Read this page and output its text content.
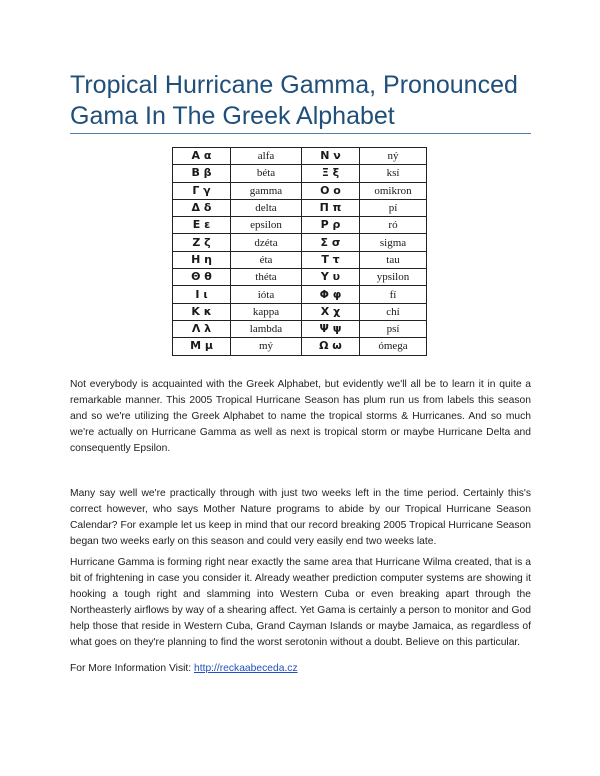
Tropical Hurricane Gamma, Pronounced Gama In The Greek Alphabet
Α α	alfa	Ν ν	ný
Β β	béta	Ξ ξ	ksí
Γ γ	gamma	Ο ο	omikron
Δ δ	delta	Π π	pí
Ε ε	epsilon	Ρ ρ	ró
Ζ ζ	dzéta	Σ σ	sigma
Η η	éta	Τ τ	tau
Θ θ	théta	Υ υ	ypsilon
Ι ι	ióta	Φ φ	fí
Κ κ	kappa	Χ χ	chí
Λ λ	lambda	Ψ ψ	psí
Μ μ	mý	Ω ω	ómega

Not everybody is acquainted with the Greek Alphabet, but evidently we'll all be to learn it in quite a remarkable manner. This 2005 Tropical Hurricane Season has plum run us from labels this season and so we're utilizing the Greek Alphabet to name the tropical storms & Hurricanes. And so much we're actually on Hurricane Gamma as well as next is tropical storm or maybe Hurricane Delta and consequently Epsilon.

Many say well we're practically through with just two weeks left in the time period. Certainly this's correct however, who says Mother Nature programs to abide by our Tropical Hurricane Season Calendar? For example let us keep in mind that our record breaking 2005 Tropical Hurricane Season began two weeks early on this season and could very easily end two weeks late.

Hurricane Gamma is forming right near exactly the same area that Hurricane Wilma created, that is a bit of frightening in case you consider it. Already weather prediction computer systems are showing it hooking a tough right and slamming into Western Cuba or even breaking apart through the Northeasterly airflows by way of a shearing affect. Yet Gama is certainly a person to monitor and God help those that reside in Western Cuba, Grand Cayman Islands or maybe Jamaica, as regardless of what goes on they're planning to find the worst serotonin without a doubt. Believe on this particular.

For More Information Visit: http://reckaabeceda.cz
